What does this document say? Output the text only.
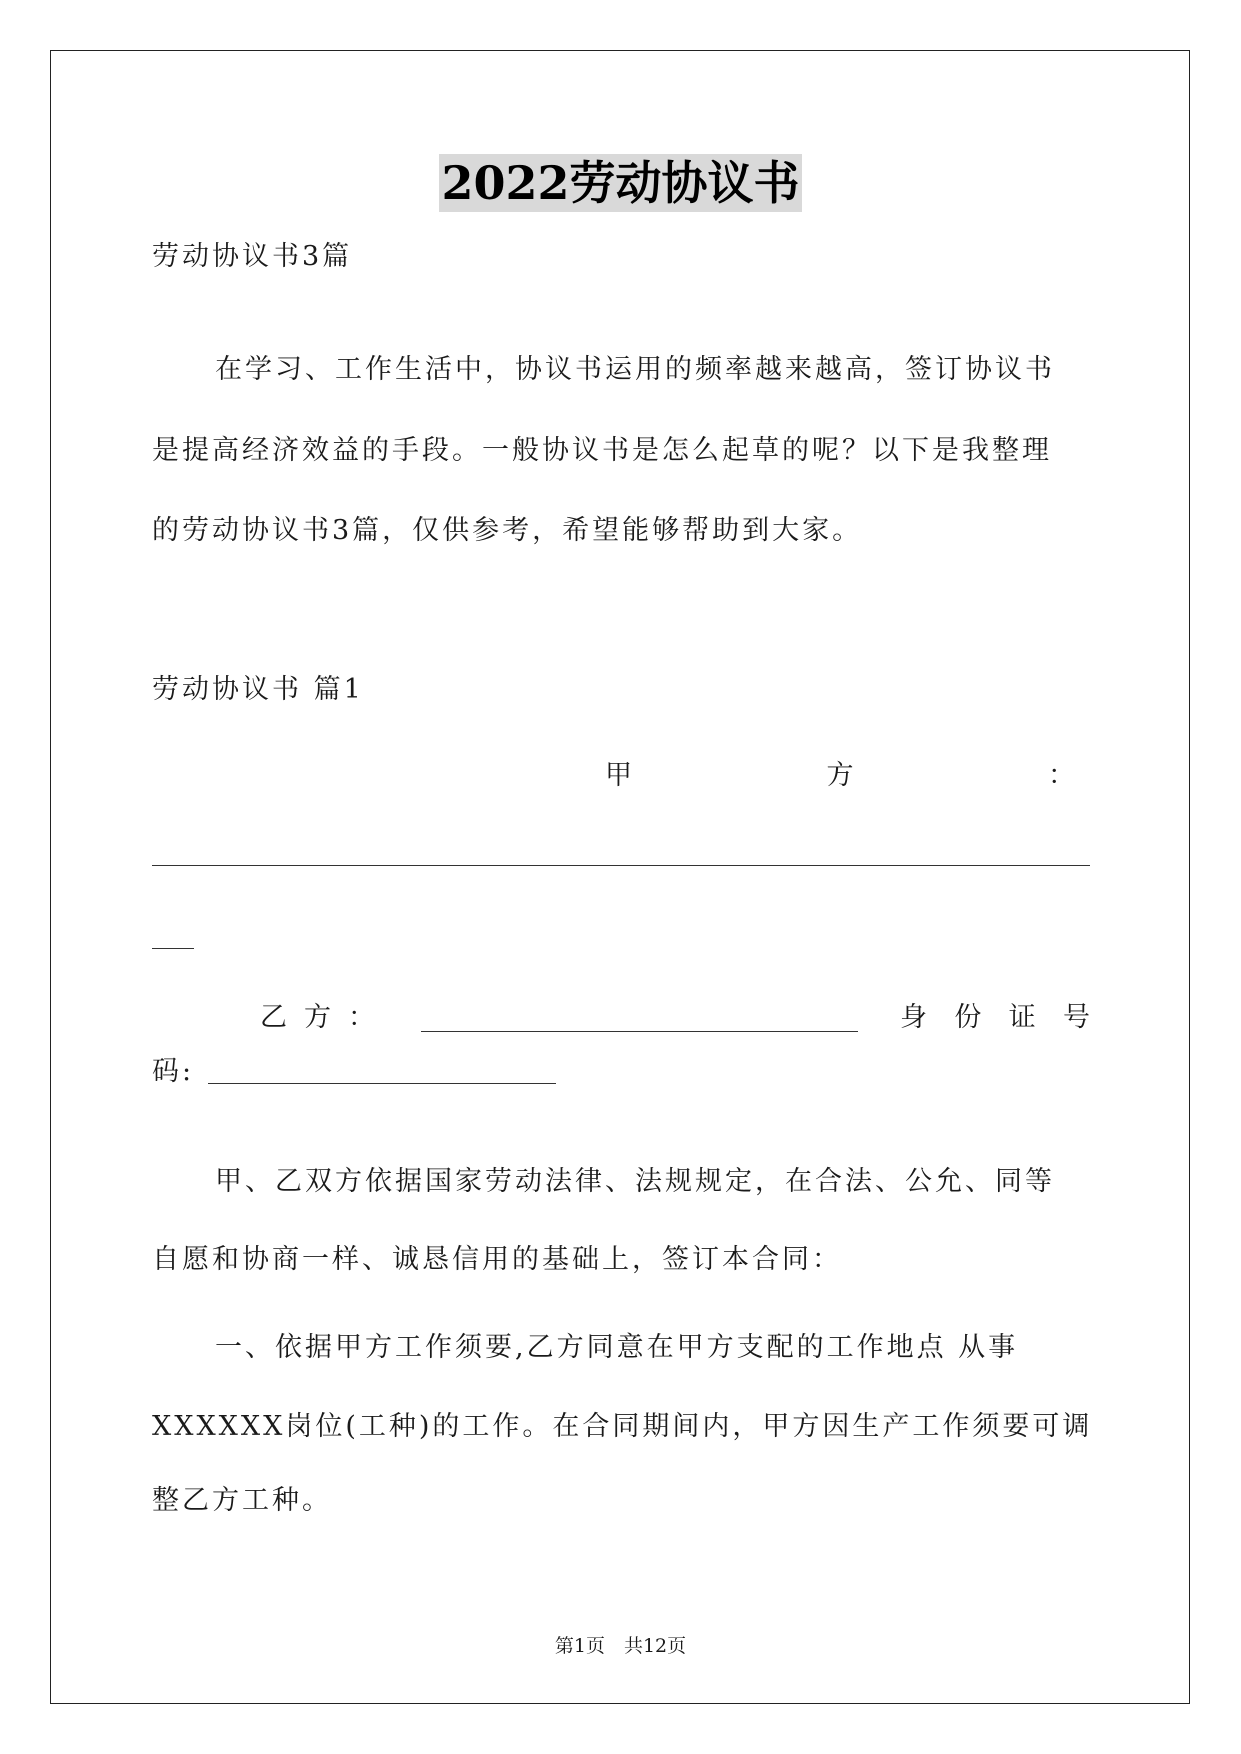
2022劳动协议书
劳动协议书3篇
在学习、工作生活中，协议书运用的频率越来越高，签订协议书
是提高经济效益的手段。一般协议书是怎么起草的呢？以下是我整理
的劳动协议书3篇，仅供参考，希望能够帮助到大家。
劳动协议书 篇1
甲	方	：
乙 方 ：	身 份 证 号
码:
甲、乙双方依据国家劳动法律、法规规定，在合法、公允、同等
自愿和协商一样、诚恳信用的基础上，签订本合同：
一、依据甲方工作须要,乙方同意在甲方支配的工作地点 从事
XXXXXX岗位(工种)的工作。在合同期间内，甲方因生产工作须要可调
整乙方工种。
第1页　共12页
